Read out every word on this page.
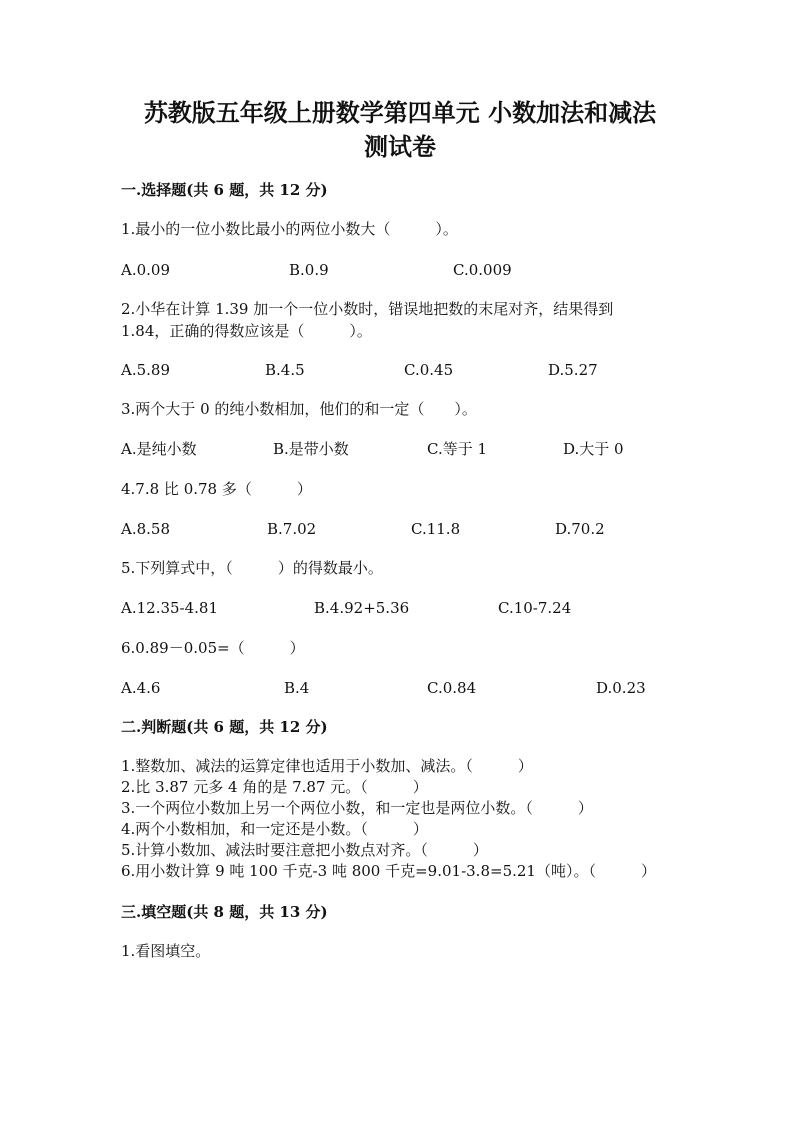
苏教版五年级上册数学第四单元 小数加法和减法
测试卷
一.选择题(共 6 题，共 12 分)
1.最小的一位小数比最小的两位小数大（　　　）。
A.0.09	B.0.9	C.0.009
2.小华在计算 1.39 加一个一位小数时，错误地把数的末尾对齐，结果得到
1.84，正确的得数应该是（　　　）。
A.5.89	B.4.5	C.0.45	D.5.27
3.两个大于 0 的纯小数相加，他们的和一定（　　）。
A.是纯小数	B.是带小数	C.等于 1	D.大于 0
4.7.8 比 0.78 多（　　　）
A.8.58	B.7.02	C.11.8	D.70.2
5.下列算式中，（　　　）的得数最小。
A.12.35-4.81	B.4.92+5.36	C.10-7.24
6.0.89－0.05=（　　　）
A.4.6	B.4	C.0.84	D.0.23
二.判断题(共 6 题，共 12 分)
1.整数加、减法的运算定律也适用于小数加、减法。（　　　）
2.比 3.87 元多 4 角的是 7.87 元。（　　　）
3.一个两位小数加上另一个两位小数，和一定也是两位小数。（　　　）
4.两个小数相加，和一定还是小数。（　　　）
5.计算小数加、减法时要注意把小数点对齐。（　　　）
6.用小数计算 9 吨 100 千克-3 吨 800 千克=9.01-3.8=5.21（吨）。（　　　）
三.填空题(共 8 题，共 13 分)
1.看图填空。
